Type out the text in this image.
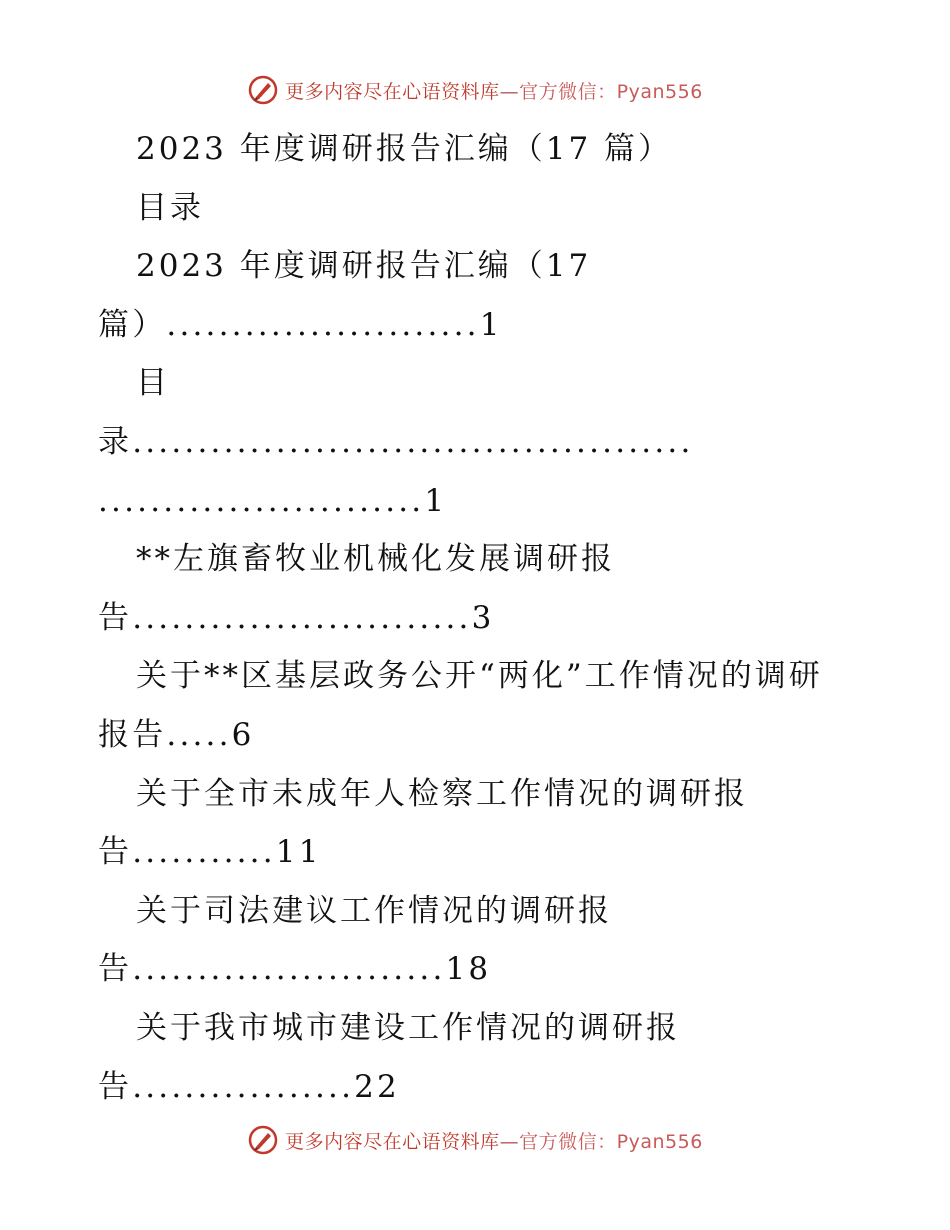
更多内容尽在心语资料库—官方微信：Pyan556
2023 年度调研报告汇编（17 篇）
目录
2023 年度调研报告汇编（17
篇）........................1
目
录...........................................
.........................1
**左旗畜牧业机械化发展调研报
告..........................3
关于**区基层政务公开“两化”工作情况的调研
报告.....6
关于全市未成年人检察工作情况的调研报
告...........11
关于司法建议工作情况的调研报
告........................18
关于我市城市建设工作情况的调研报
告.................22
更多内容尽在心语资料库—官方微信：Pyan556
